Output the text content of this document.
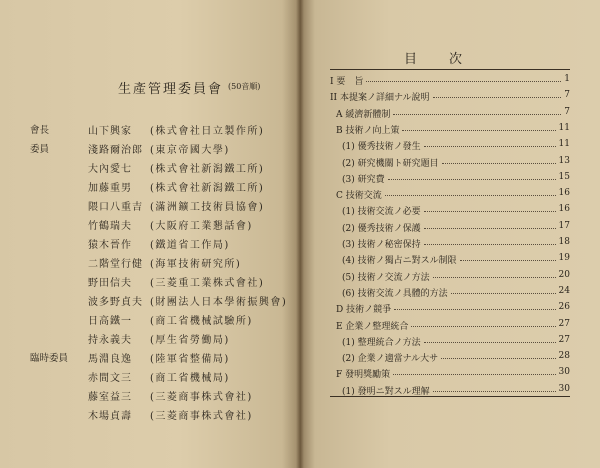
生產管理委員會 (50音順)
會長	山下興家 (株式會社日立製作所)
委員	淺路爾治郎 (東京帝國大學)
大內愛七 (株式會社新潟鐵工所)
加藤重男 (株式會社新潟鐵工所)
隈口八重吉 (滿洲鑛工技術員協會)
竹鶴瑞夫 (大阪府工業懇話會)
猿木晉作 (鐵道省工作局)
二階堂行健 (海軍技術研究所)
野田信夫 (三菱重工業株式會社)
波多野貞夫 (財團法人日本學術振興會)
日高鐵一 (商工省機械試驗所)
持永義夫 (厚生省勞働局)
臨時委員 馬淵良逸 (陸軍省整備局)
赤間文三 (商工省機械局)
藤室益三 (三菱商事株式會社)
木場貞壽 (三菱商事株式會社)
目次
I 要　旨	1
II 本提案ノ詳細ナル說明	7
A 緩濟新體制	7
B 技術ノ向上策	11
(1) 優秀技術ノ發生	11
(2) 研究機關ト研究題目	13
(3) 研究費	15
C 技術交流	16
(1) 技術交流ノ必要	16
(2) 優秀技術ノ保護	17
(3) 技術ノ秘密保持	18
(4) 技術ノ獨占ニ對スル制限	19
(5) 技術ノ交流ノ方法	20
(6) 技術交流ノ具體的方法	24
D 技術ノ競爭	26
E 企業ノ整理統合	27
(1) 整理統合ノ方法	27
(2) 企業ノ適當ナル大サ	28
F 發明獎勵策	30
(1) 發明ニ對スル理解	30
